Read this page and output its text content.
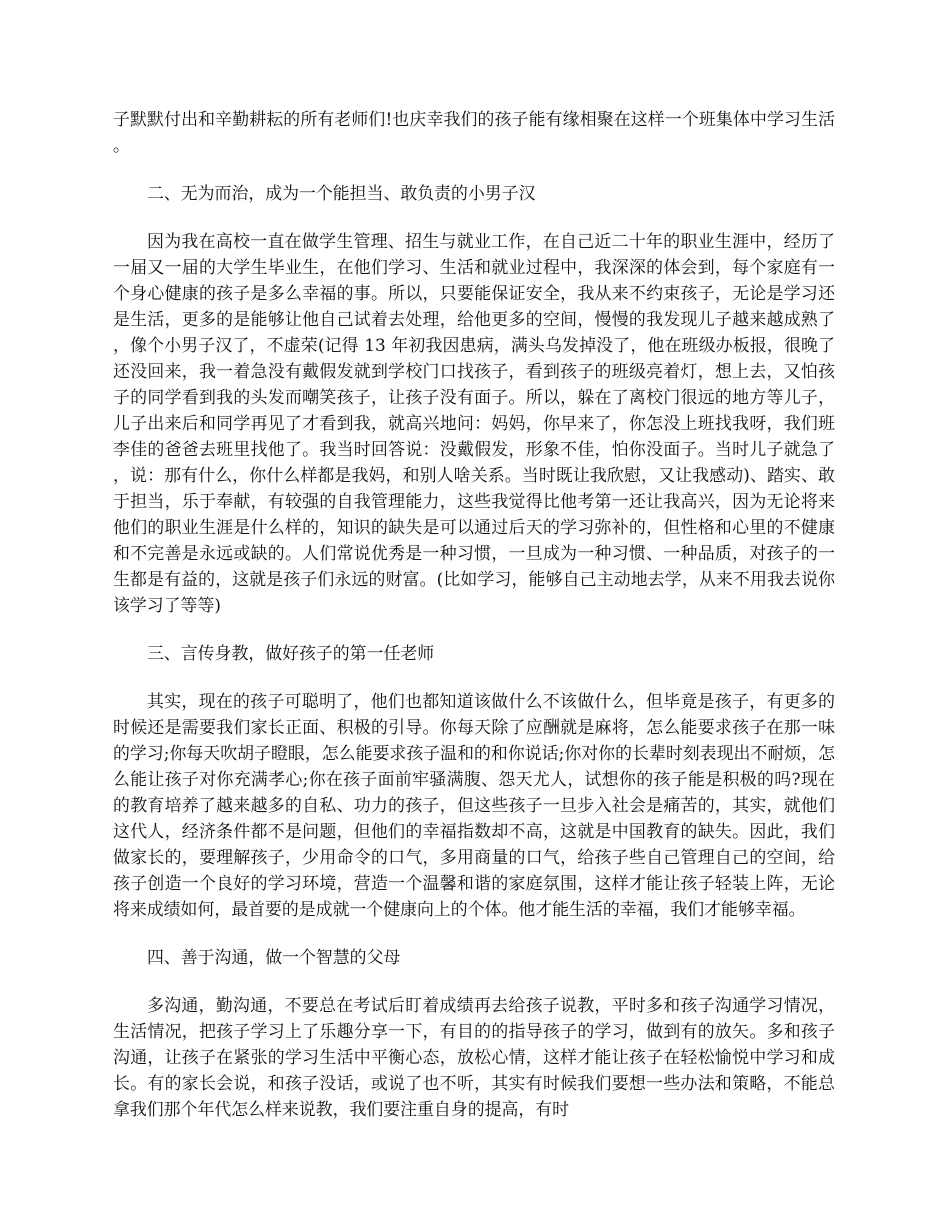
子默默付出和辛勤耕耘的所有老师们!也庆幸我们的孩子能有缘相聚在这样一个班集体中学习生活。

二、无为而治，成为一个能担当、敢负责的小男子汉

因为我在高校一直在做学生管理、招生与就业工作，在自己近二十年的职业生涯中，经历了一届又一届的大学生毕业生，在他们学习、生活和就业过程中，我深深的体会到，每个家庭有一个身心健康的孩子是多么幸福的事。所以，只要能保证安全，我从来不约束孩子，无论是学习还是生活，更多的是能够让他自己试着去处理，给他更多的空间，慢慢的我发现儿子越来越成熟了，像个小男子汉了，不虚荣(记得 13 年初我因患病，满头乌发掉没了，他在班级办板报，很晚了还没回来，我一着急没有戴假发就到学校门口找孩子，看到孩子的班级亮着灯，想上去，又怕孩子的同学看到我的头发而嘲笑孩子，让孩子没有面子。所以，躲在了离校门很远的地方等儿子，儿子出来后和同学再见了才看到我，就高兴地问：妈妈，你早来了，你怎没上班找我呀，我们班李佳的爸爸去班里找他了。我当时回答说：没戴假发，形象不佳，怕你没面子。当时儿子就急了，说：那有什么，你什么样都是我妈，和别人啥关系。当时既让我欣慰，又让我感动)、踏实、敢于担当，乐于奉献，有较强的自我管理能力，这些我觉得比他考第一还让我高兴，因为无论将来他们的职业生涯是什么样的，知识的缺失是可以通过后天的学习弥补的，但性格和心里的不健康和不完善是永远或缺的。人们常说优秀是一种习惯，一旦成为一种习惯、一种品质，对孩子的一生都是有益的，这就是孩子们永远的财富。(比如学习，能够自己主动地去学，从来不用我去说你该学习了等等)

三、言传身教，做好孩子的第一任老师

其实，现在的孩子可聪明了，他们也都知道该做什么不该做什么，但毕竟是孩子，有更多的时候还是需要我们家长正面、积极的引导。你每天除了应酬就是麻将，怎么能要求孩子在那一味的学习;你每天吹胡子瞪眼，怎么能要求孩子温和的和你说话;你对你的长辈时刻表现出不耐烦，怎么能让孩子对你充满孝心;你在孩子面前牢骚满腹、怨天尤人，试想你的孩子能是积极的吗?现在的教育培养了越来越多的自私、功力的孩子，但这些孩子一旦步入社会是痛苦的，其实，就他们这代人，经济条件都不是问题，但他们的幸福指数却不高，这就是中国教育的缺失。因此，我们做家长的，要理解孩子，少用命令的口气，多用商量的口气，给孩子些自己管理自己的空间，给孩子创造一个良好的学习环境，营造一个温馨和谐的家庭氛围，这样才能让孩子轻装上阵，无论将来成绩如何，最首要的是成就一个健康向上的个体。他才能生活的幸福，我们才能够幸福。

四、善于沟通，做一个智慧的父母

多沟通，勤沟通，不要总在考试后盯着成绩再去给孩子说教，平时多和孩子沟通学习情况，生活情况，把孩子学习上了乐趣分享一下，有目的的指导孩子的学习，做到有的放矢。多和孩子沟通，让孩子在紧张的学习生活中平衡心态，放松心情，这样才能让孩子在轻松愉悦中学习和成长。有的家长会说，和孩子没话，或说了也不听，其实有时候我们要想一些办法和策略，不能总拿我们那个年代怎么样来说教，我们要注重自身的提高，有时
